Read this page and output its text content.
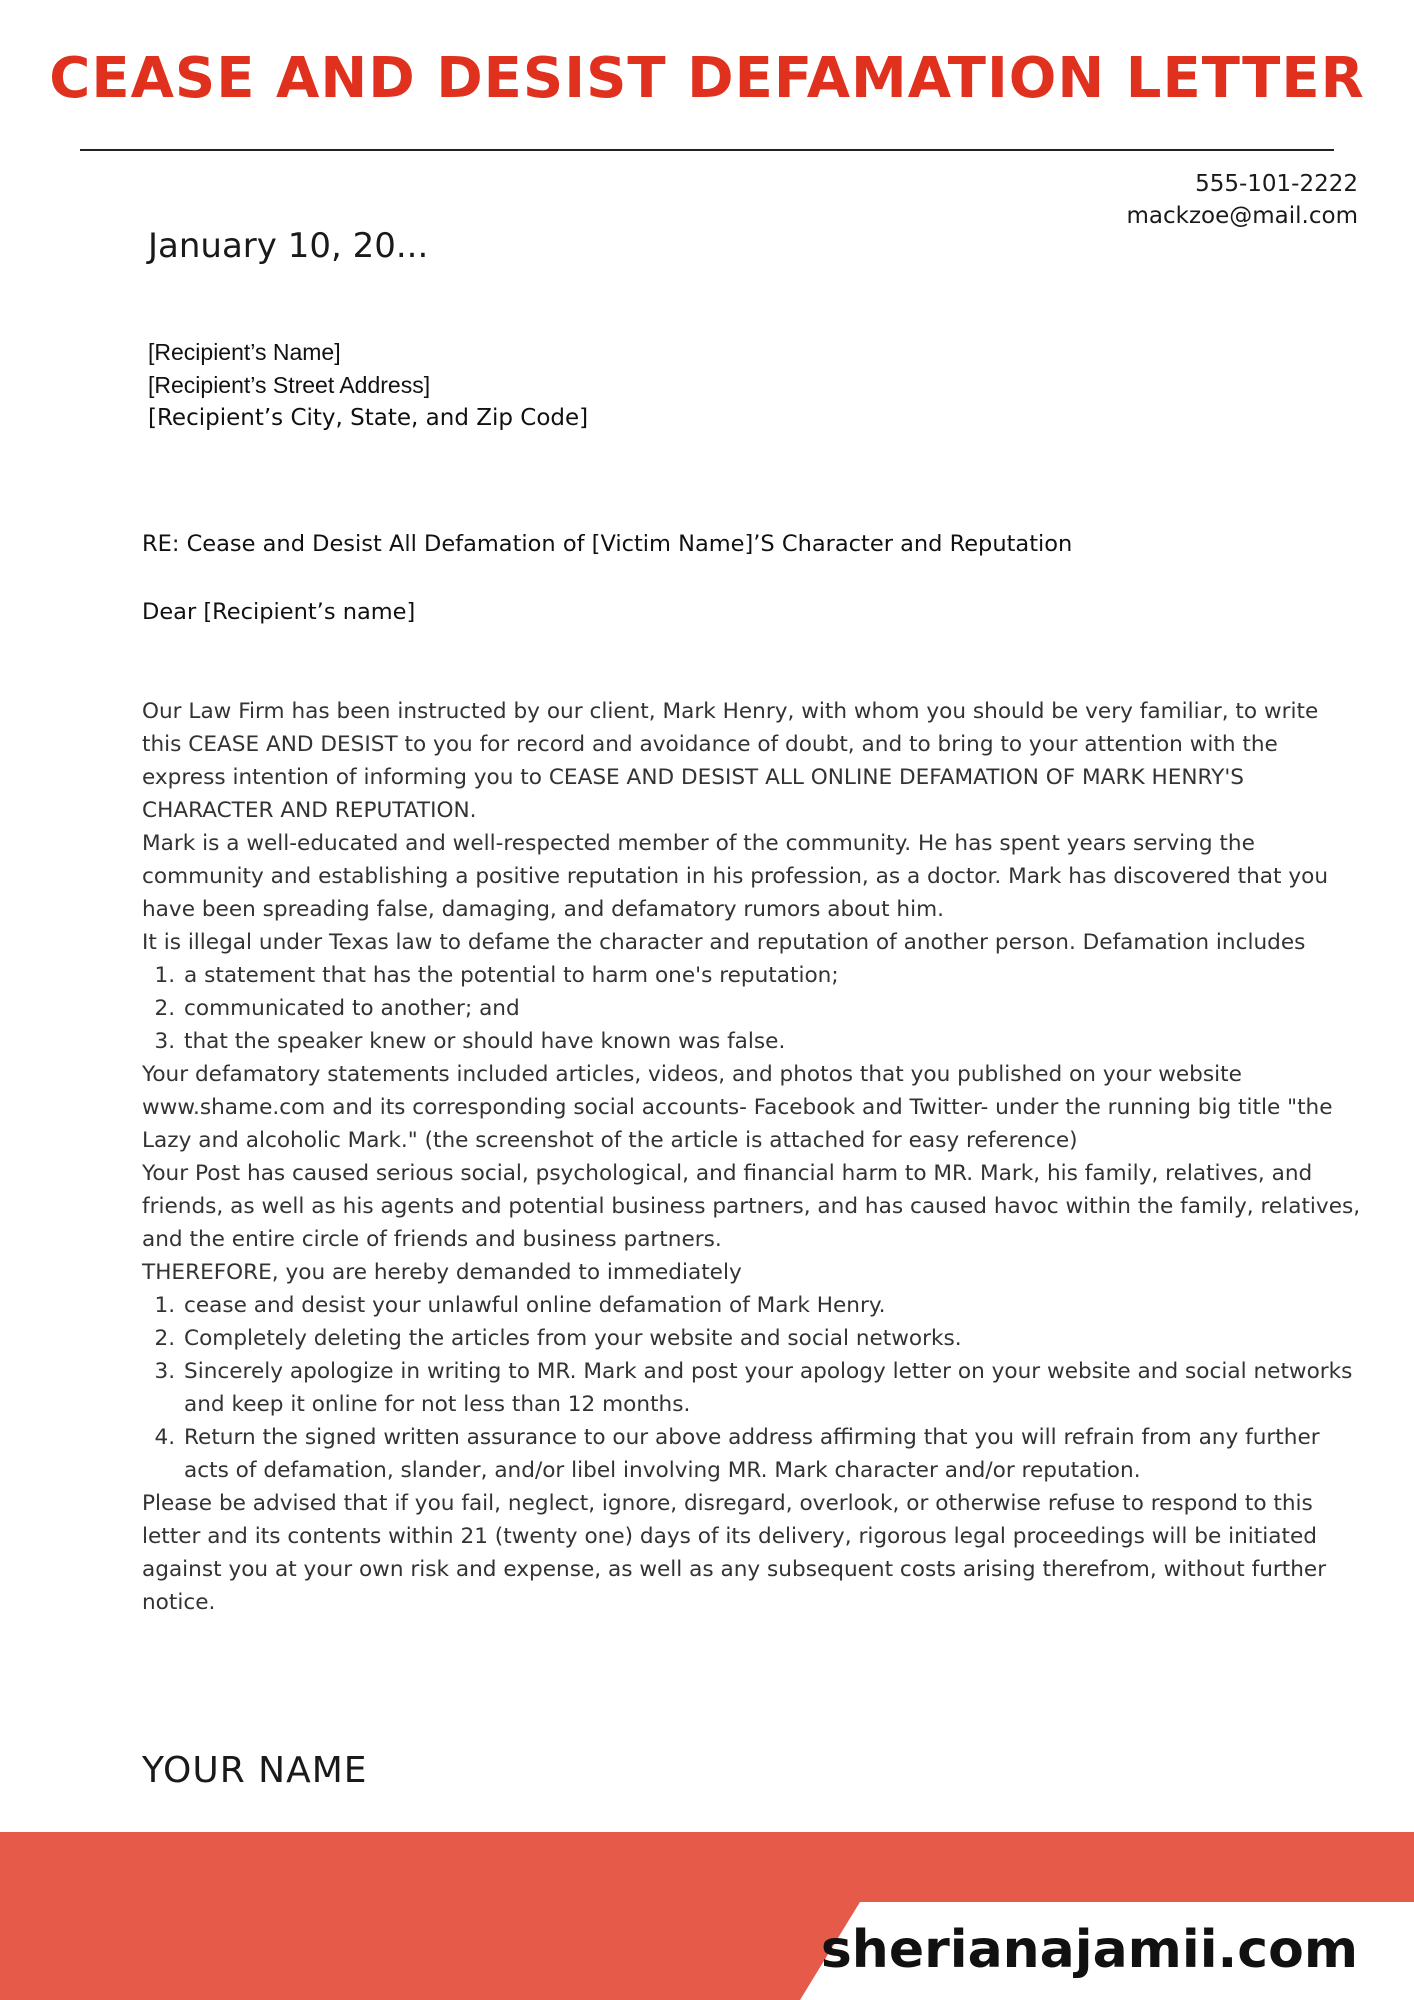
CEASE AND DESIST DEFAMATION LETTER
555-101-2222
mackzoe@mail.com
January 10, 20...
[Recipient’s Name]
[Recipient’s Street Address]
[Recipient’s City, State, and Zip Code]
RE: Cease and Desist All Defamation of [Victim Name]’S Character and Reputation
Dear [Recipient’s name]

Our Law Firm has been instructed by our client, Mark Henry, with whom you should be very familiar, to write this CEASE AND DESIST to you for record and avoidance of doubt, and to bring to your attention with the express intention of informing you to CEASE AND DESIST ALL ONLINE DEFAMATION OF MARK HENRY'S CHARACTER AND REPUTATION.

Mark is a well-educated and well-respected member of the community. He has spent years serving the community and establishing a positive reputation in his profession, as a doctor. Mark has discovered that you have been spreading false, damaging, and defamatory rumors about him.

It is illegal under Texas law to defame the character and reputation of another person. Defamation includes

1. a statement that has the potential to harm one's reputation;
2. communicated to another; and
3. that the speaker knew or should have known was false.

Your defamatory statements included articles, videos, and photos that you published on your website www.shame.com and its corresponding social accounts- Facebook and Twitter- under the running big title "the Lazy and alcoholic Mark." (the screenshot of the article is attached for easy reference)

Your Post has caused serious social, psychological, and financial harm to MR. Mark, his family, relatives, and friends, as well as his agents and potential business partners, and has caused havoc within the family, relatives, and the entire circle of friends and business partners.

THEREFORE, you are hereby demanded to immediately

1. cease and desist your unlawful online defamation of Mark Henry.
2. Completely deleting the articles from your website and social networks.
3. Sincerely apologize in writing to MR. Mark and post your apology letter on your website and social networks and keep it online for not less than 12 months.
4. Return the signed written assurance to our above address affirming that you will refrain from any further acts of defamation, slander, and/or libel involving MR. Mark character and/or reputation.

Please be advised that if you fail, neglect, ignore, disregard, overlook, or otherwise refuse to respond to this letter and its contents within 21 (twenty one) days of its delivery, rigorous legal proceedings will be initiated against you at your own risk and expense, as well as any subsequent costs arising therefrom, without further notice.

YOUR NAME
sherianajamii.com
